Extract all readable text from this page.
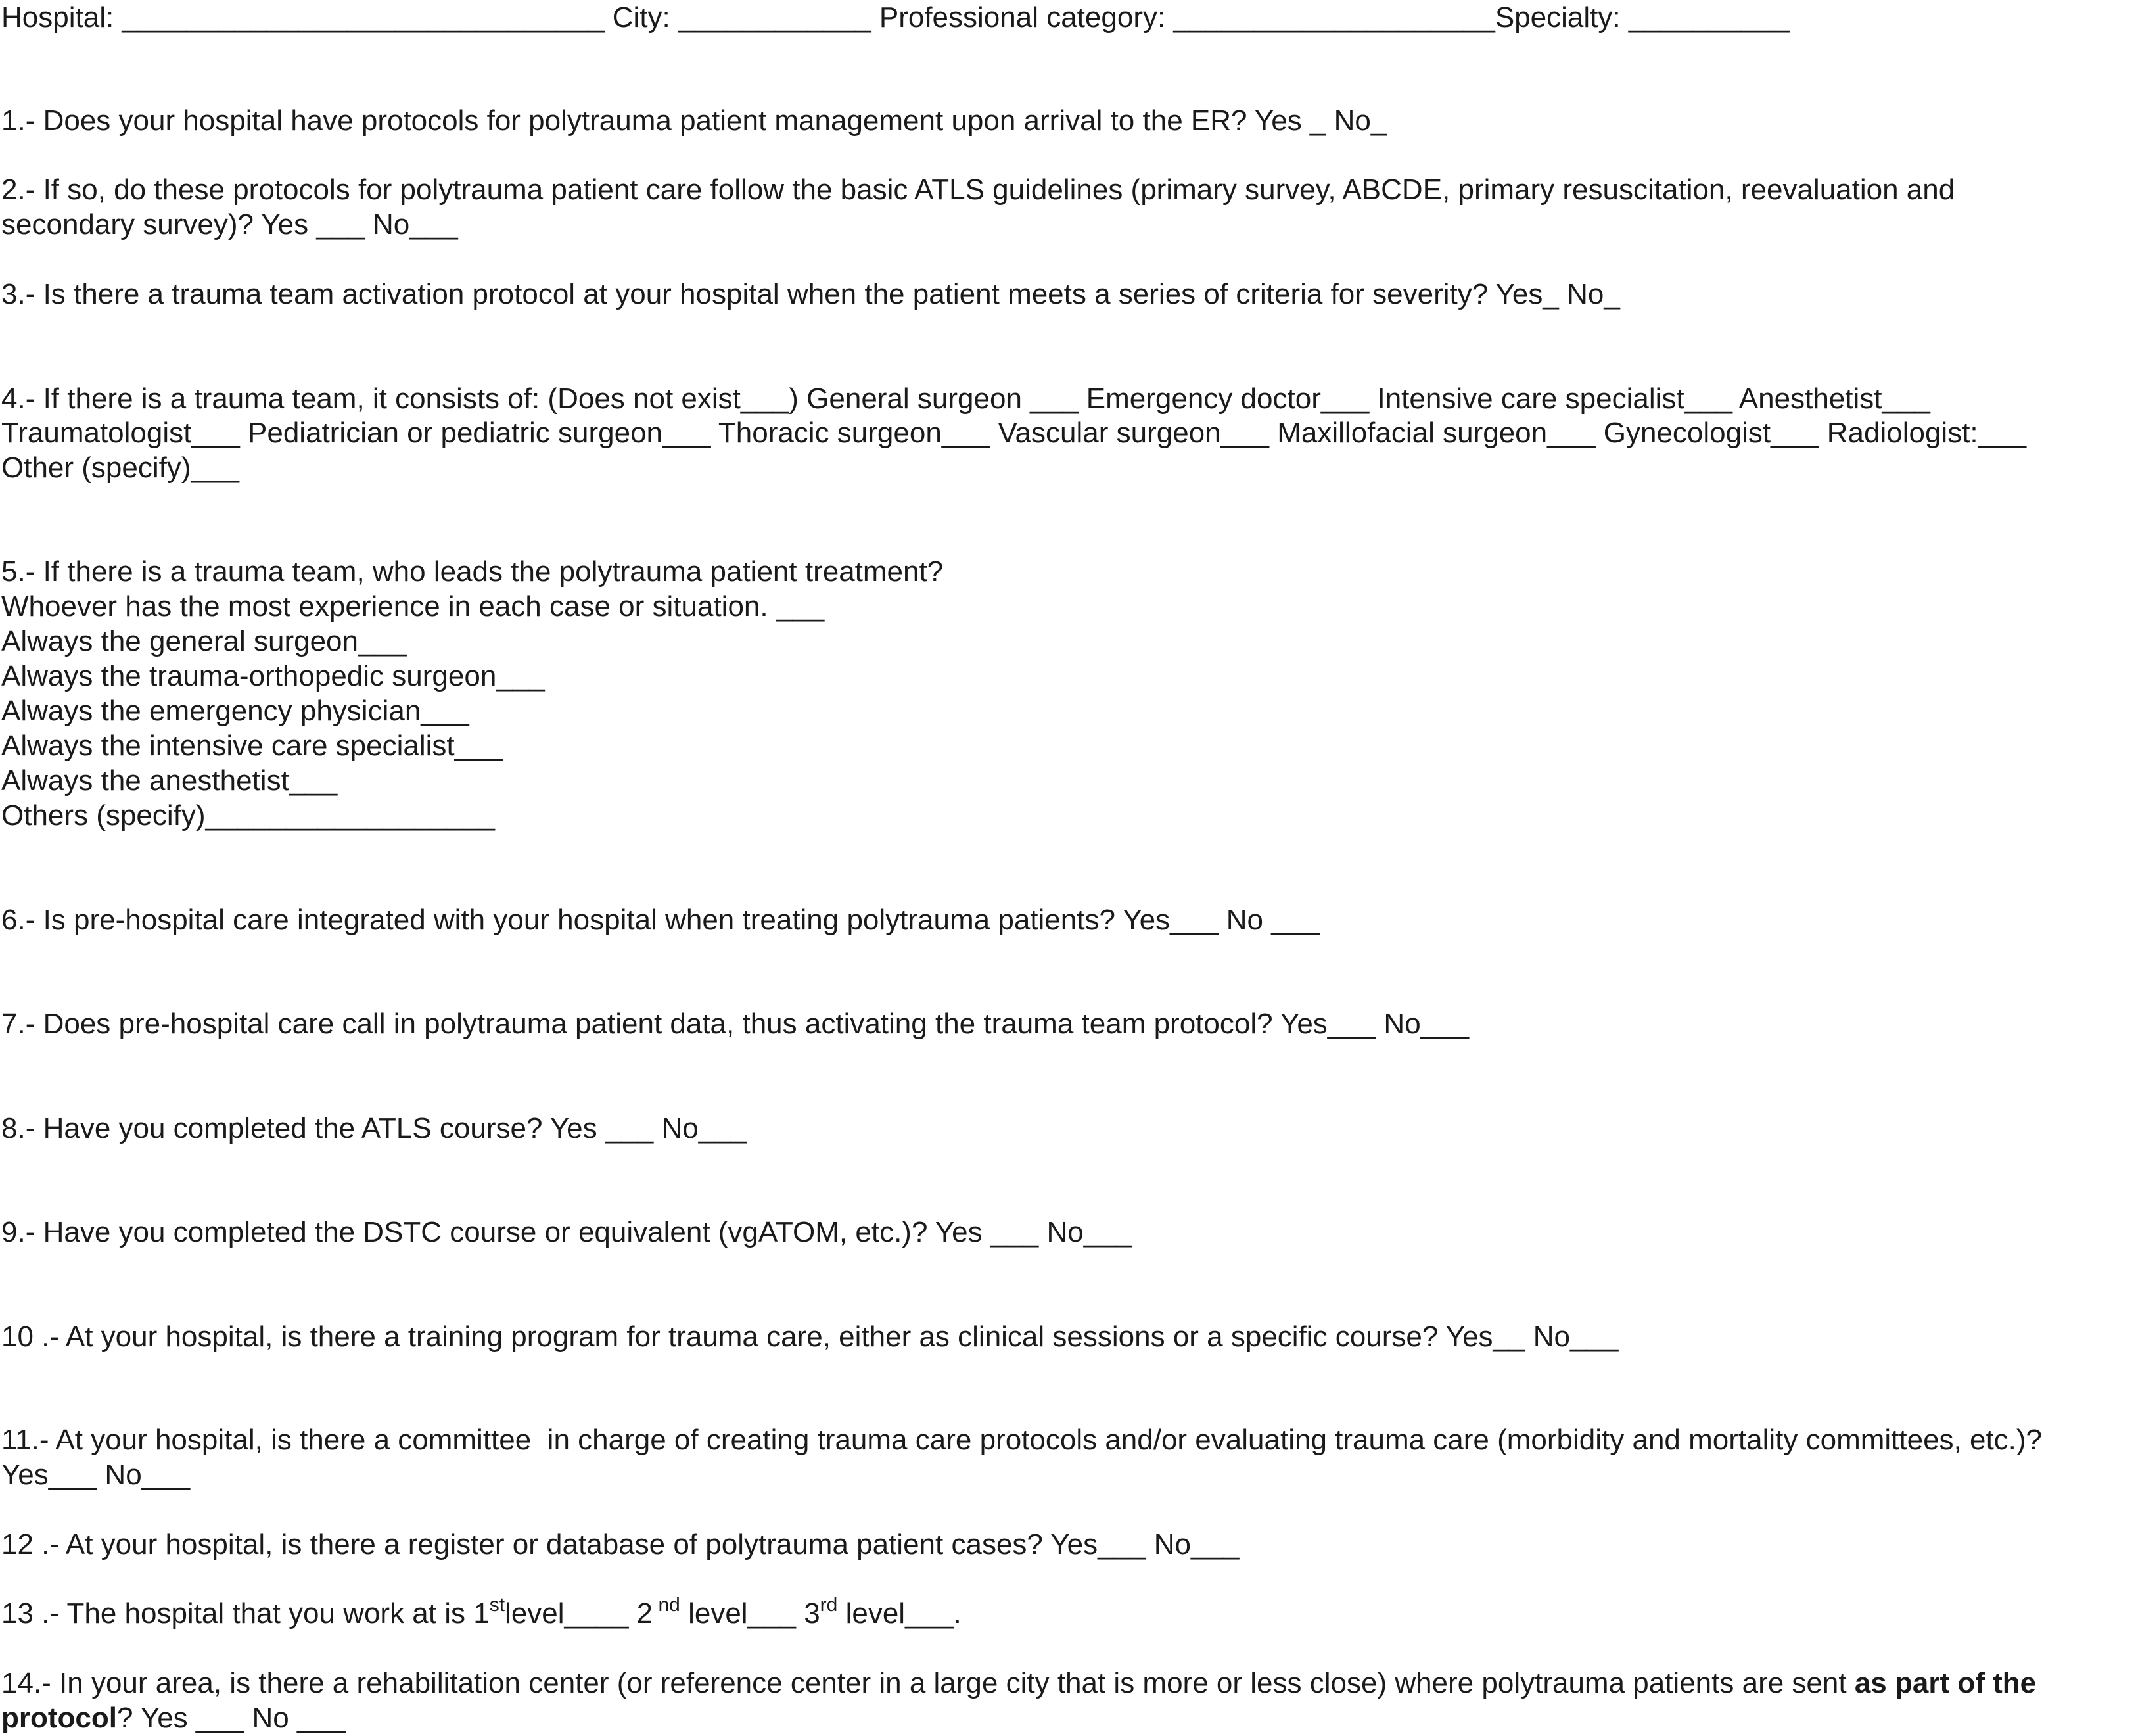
Hospital: ______________________________ City: ____________ Professional category: ____________________Specialty: __________

1.- Does your hospital have protocols for polytrauma patient management upon arrival to the ER? Yes _ No_

2.- If so, do these protocols for polytrauma patient care follow the basic ATLS guidelines (primary survey, ABCDE, primary resuscitation, reevaluation and

secondary survey)? Yes ___ No___

3.- Is there a trauma team activation protocol at your hospital when the patient meets a series of criteria for severity? Yes_ No_

4.- If there is a trauma team, it consists of: (Does not exist___) General surgeon ___ Emergency doctor___ Intensive care specialist___ Anesthetist___

Traumatologist___ Pediatrician or pediatric surgeon___ Thoracic surgeon___ Vascular surgeon___ Maxillofacial surgeon___ Gynecologist___ Radiologist:___

Other (specify)___

5.- If there is a trauma team, who leads the polytrauma patient treatment?

Whoever has the most experience in each case or situation. ___

Always the general surgeon___

Always the trauma-orthopedic surgeon___

Always the emergency physician___

Always the intensive care specialist___

Always the anesthetist___

Others (specify)__________________

6.- Is pre-hospital care integrated with your hospital when treating polytrauma patients? Yes___ No ___

7.- Does pre-hospital care call in polytrauma patient data, thus activating the trauma team protocol? Yes___ No___

8.- Have you completed the ATLS course? Yes ___ No___

9.- Have you completed the DSTC course or equivalent (vgATOM, etc.)? Yes ___ No___

10 .- At your hospital, is there a training program for trauma care, either as clinical sessions or a specific course? Yes__ No___

11.- At your hospital, is there a committee  in charge of creating trauma care protocols and/or evaluating trauma care (morbidity and mortality committees, etc.)?

Yes___ No___

12 .- At your hospital, is there a register or database of polytrauma patient cases? Yes___ No___

13 .- The hospital that you work at is 1stlevel____ 2 $^{nd}$ level___ 3rd level___.

14.- In your area, is there a rehabilitation center (or reference center in a large city that is more or less close) where polytrauma patients are sent as part of the

protocol? Yes ___ No ___
